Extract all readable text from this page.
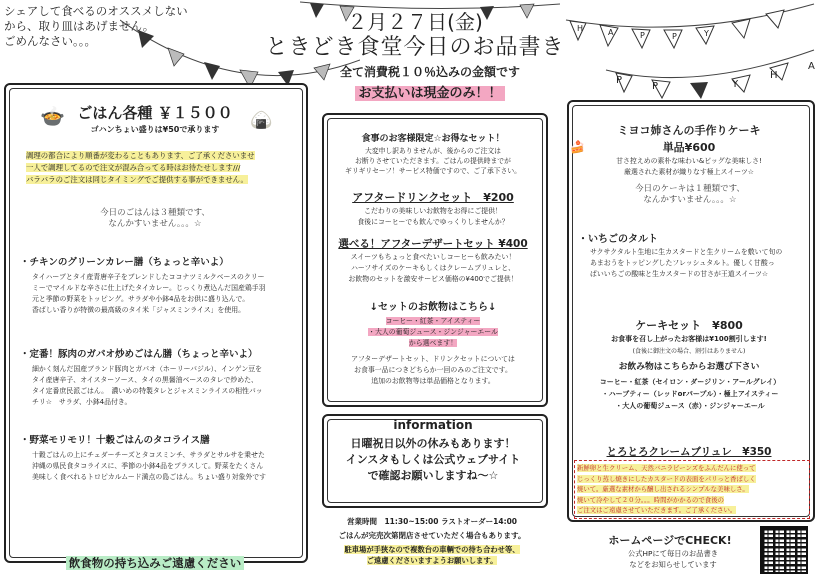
シェアして食べるのオススメしない
から、取り皿はあげません。
ごめんなさい。。。
H	A	P	P	Y
P
P	Y
H
A
２月２７日(金)
ときどき食堂今日のお品書き
全て消費税１０％込みの金額です
お支払いは現金のみ！！
🍲	🍙
ごはん各種 ￥１５００
ゴハンちょい盛りは¥50で承ります
調理の都合により順番が変わることもあります、ご了承くださいませ
一人で調理してるので注文が混み合ってる時はお待たせします///
バラバラのご注文は同じタイミングでご提供する事ができません。
今日のごはんは３種類です、
なんかすいません。。。☆
・チキンのグリーンカレー膳（ちょっと辛いよ）
タイハーブとタイ産青唐辛子をブレンドしたココナツミルクベースのクリー
ミーでマイルドな辛さに仕上げたタイカレー。じっくり煮込んだ国産鶏手羽
元と季節の野菜をトッピング。サラダや小鉢4品をお供に盛り込んで。
香ばしい香りが特徴の最高級のタイ米「ジャスミンライス」を使用。
・定番！豚肉のガパオ炒めごはん膳（ちょっと辛いよ）
細かく刻んだ国産ブランド豚肉とガパオ（ホーリーバジル）、インゲン豆を
タイ産唐辛子、オイスターソース、タイの黒醤油ベースのタレで炒めた、
タイ定番庶民派ごはん。　濃いめの特製タレとジャスミンライスの相性バッ
チリ☆　サラダ、小鉢4品付き。
・野菜モリモリ！十穀ごはんのタコライス膳
十穀ごはんの上にチェダーチーズとタコスミンチ、サラダとサルサを乗せた
沖縄の県民食タコライスに、季節の小鉢4品をプラスして。野菜をたくさん
美味しく食べれるトロピカルムード満点の島ごはん。ちょい盛り対象外です
飲食物の持ち込みご遠慮ください
食事のお客様限定☆お得なセット！
大変申し訳ありませんが、後からのご注文は
お断りさせていただきます。ごはんの提供時までが
ギリギリセーフ！サービス特価ですので、ご了承下さい。
アフタードリンクセット　¥200
こだわりの美味しいお飲物をお得にご提供！
食後にコーヒーでも飲んでゆっくりしませんか？
選べる！アフターデザートセット ¥400
スイーツもちょっと食べたいしコーヒーも飲みたい！
ハーフサイズのケーキもしくはクレームブリュレと、
お飲物のセットを激安サービス価格の¥400でご提供！
↓セットのお飲物はこちら↓
コーヒー・紅茶・アイスティー
・大人の葡萄ジュース・ジンジャーエール
から選べます！
アフターデザートセット、ドリンクセットについては
お食事一品につきどちらか一回のみのご注文です。
追加のお飲物等は単品価格となります。
information
日曜祝日以外の休みもあります！
インスタもしくは公式ウェブサイト
で確認お願いしますね〜☆
営業時間　11:30~15:00 ラストオーダー14:00
ごはんが完売次第閉店させていただく場合もあります。
駐車場が手狭なので複数台の車輌での待ち合わせ等、
ご遠慮くださいますようお願いします。
ミヨコ姉さんの手作りケーキ
単品¥600
🍰
甘さ控えめの素朴な味わい&ビッグな美味しさ!
厳選された素材が織りなす極上スイーツ☆
今日のケーキは１種類です、
なんかすいません。。。☆
・いちごのタルト
サクサクタルト生地に生カスタードと生クリームを敷いて旬の
あまおうをトッピングしたフレッシュタルト。優しく甘酸っ
ぱいいちごの酸味と生カスタードの甘さが王道スイーツ☆
ケーキセット　¥800
お食事を召し上がったお客様は¥100割引します!
(食後に御注文の場合、割引はありません)
お飲み物はこちらからお選び下さい
コーヒー・紅茶（セイロン・ダージリン・アールグレイ）
・ハーブティー（レッドorパープル）・極上アイスティー
・大人の葡萄ジュース（赤）・ジンジャーエール
とろとろクレームブリュレ　¥350
新鮮卵と生クリーム、天然バニラビーンズをふんだんに使って
じっくり蒸し焼きにしたカスタードの表面をパリっと香ばしく
焼いて。厳選な素材から醸し出されるシンプルな美味しさ。
焼いて冷やして２０分。。。時間がかかるので食後の
ご注文はご遠慮させていただきます。ご了承ください。
ホームページでCHECK!
公式HPにて毎日のお品書き
などをお知らせしています
